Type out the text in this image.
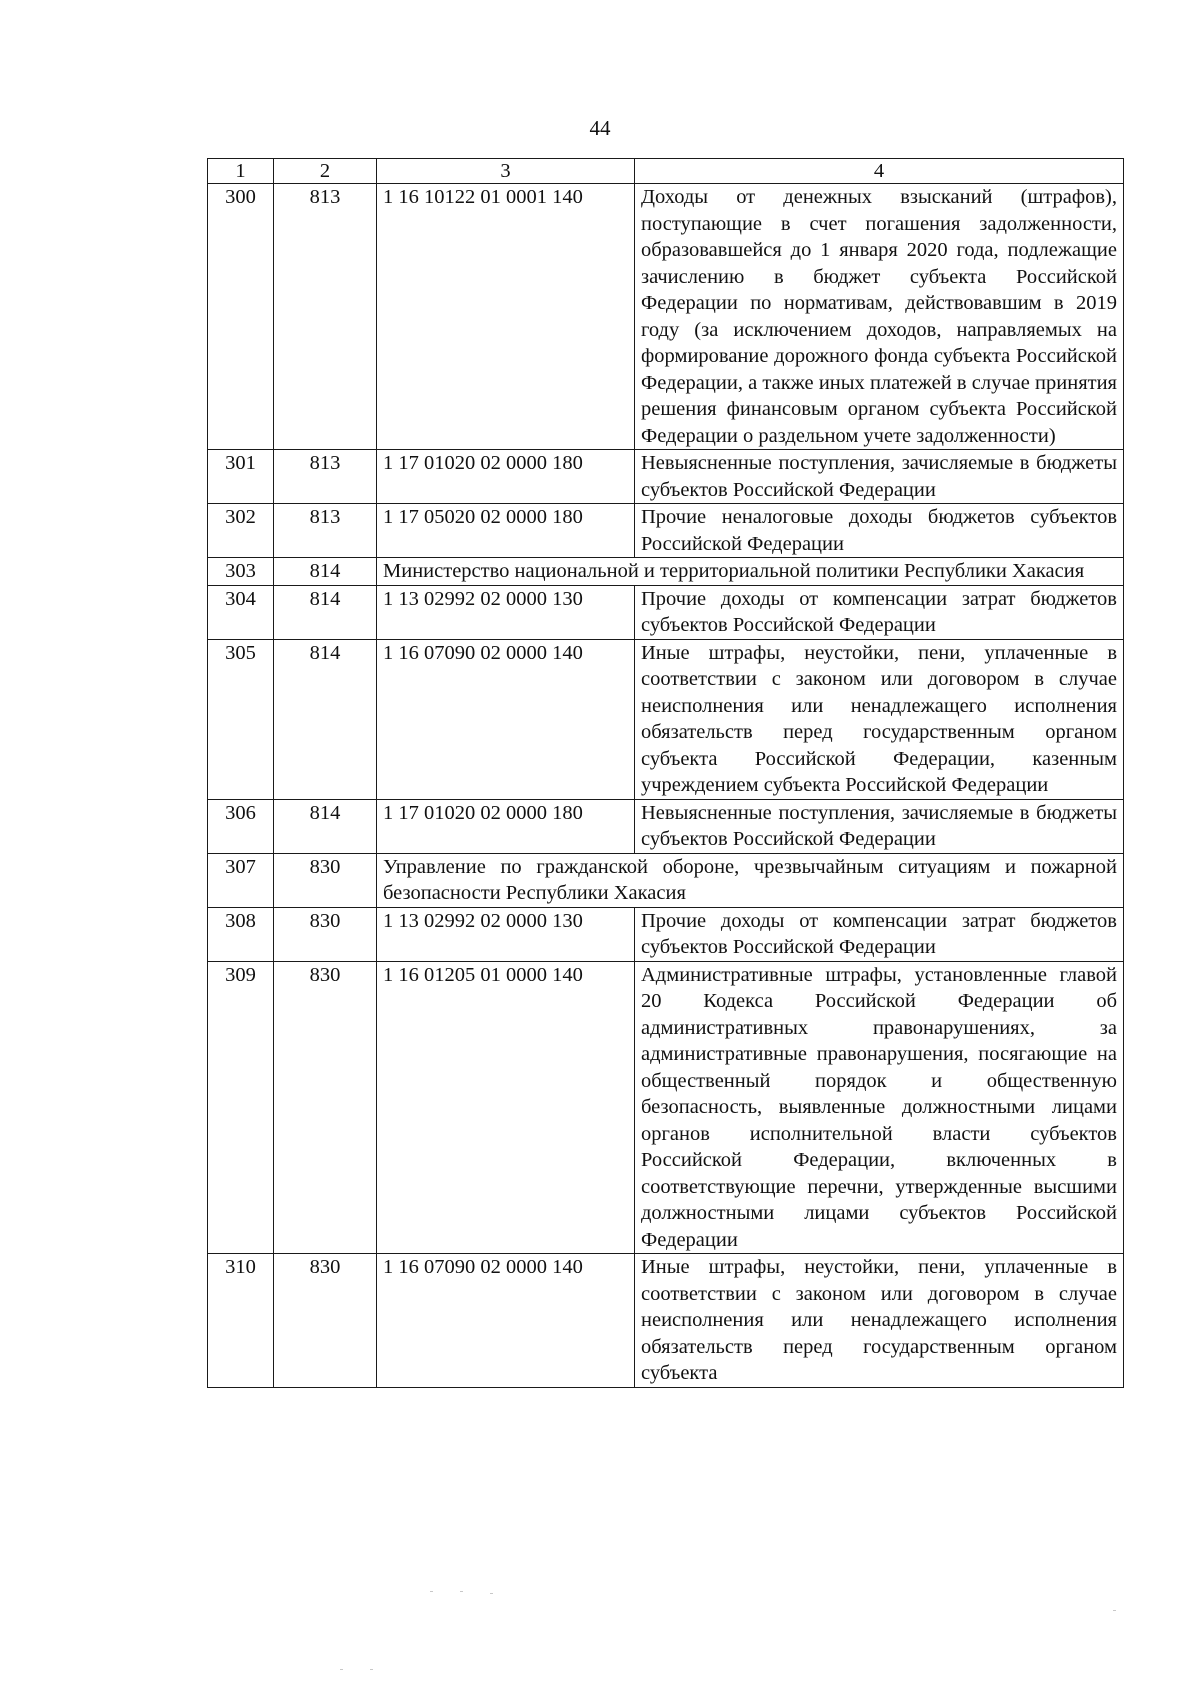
44
1	2	3	4
300	813	1 16 10122 01 0001 140	Доходы от денежных взысканий (штрафов), поступающие в счет погашения задолженности, образовавшейся до 1 января 2020 года, подлежащие зачислению в бюджет субъекта Российской Федерации по нормативам, действовавшим в 2019 году (за исключением доходов, направляемых на формирование дорожного фонда субъекта Российской Федерации, а также иных платежей в случае принятия решения финансовым органом субъекта Российской Федерации о раздельном учете задолженности)
301	813	1 17 01020 02 0000 180	Невыясненные поступления, зачисляемые в бюджеты субъектов Российской Федерации
302	813	1 17 05020 02 0000 180	Прочие неналоговые доходы бюджетов субъектов Российской Федерации
303	814	Министерство национальной и территориальной политики Республики Хакасия	
304	814	1 13 02992 02 0000 130	Прочие доходы от компенсации затрат бюджетов субъектов Российской Федерации
305	814	1 16 07090 02 0000 140	Иные штрафы, неустойки, пени, уплаченные в соответствии с законом или договором в случае неисполнения или ненадлежащего исполнения обязательств перед государственным органом субъекта Российской Федерации, казенным учреждением субъекта Российской Федерации
306	814	1 17 01020 02 0000 180	Невыясненные поступления, зачисляемые в бюджеты субъектов Российской Федерации
307	830	Управление по гражданской обороне, чрезвычайным ситуациям и пожарной безопасности Республики Хакасия	
308	830	1 13 02992 02 0000 130	Прочие доходы от компенсации затрат бюджетов субъектов Российской Федерации
309	830	1 16 01205 01 0000 140	Административные штрафы, установленные главой 20 Кодекса Российской Федерации об административных правонарушениях, за административные правонарушения, посягающие на общественный порядок и общественную безопасность, выявленные должностными лицами органов исполнительной власти субъектов Российской Федерации, включенных в соответствующие перечни, утвержденные высшими должностными лицами субъектов Российской Федерации
310	830	1 16 07090 02 0000 140	Иные штрафы, неустойки, пени, уплаченные в соответствии с законом или договором в случае неисполнения или ненадлежащего исполнения обязательств перед государственным органом субъекта
